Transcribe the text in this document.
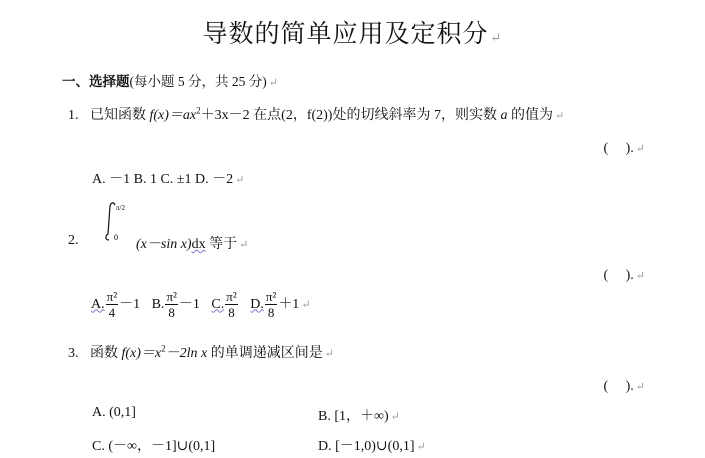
导数的简单应用及定积分 ↵
一、选择题(每小题 5 分，共 25 分) ↵
1. 已知函数 $f(x)=ax^2+3x-2$ 在点(2，f(2))处的切线斜率为 7，则实数 a 的值为 ↵
(　 ). ↵
A. －1 B. 1 C. ±1 D. －2 ↵
π/2
0
2.	(x－sin x)dx 等于 ↵
(　 ). ↵
A. $\frac{\text{π²}}{4} -1$ B. $\frac{\text{π²}}{8} -1$ C. $\frac{\text{π²}}{8} D$. $\frac{\text{π²}}{8} +1$ ↵
3. 函数 $f(x)=x^2-2\ln$ x 的单调递减区间是 ↵
(　 ). ↵
A. (0,1]	B. [1，＋∞) ↵
C. (－∞，－1]∪(0,1]	D. [－1,0)∪(0,1] ↵
